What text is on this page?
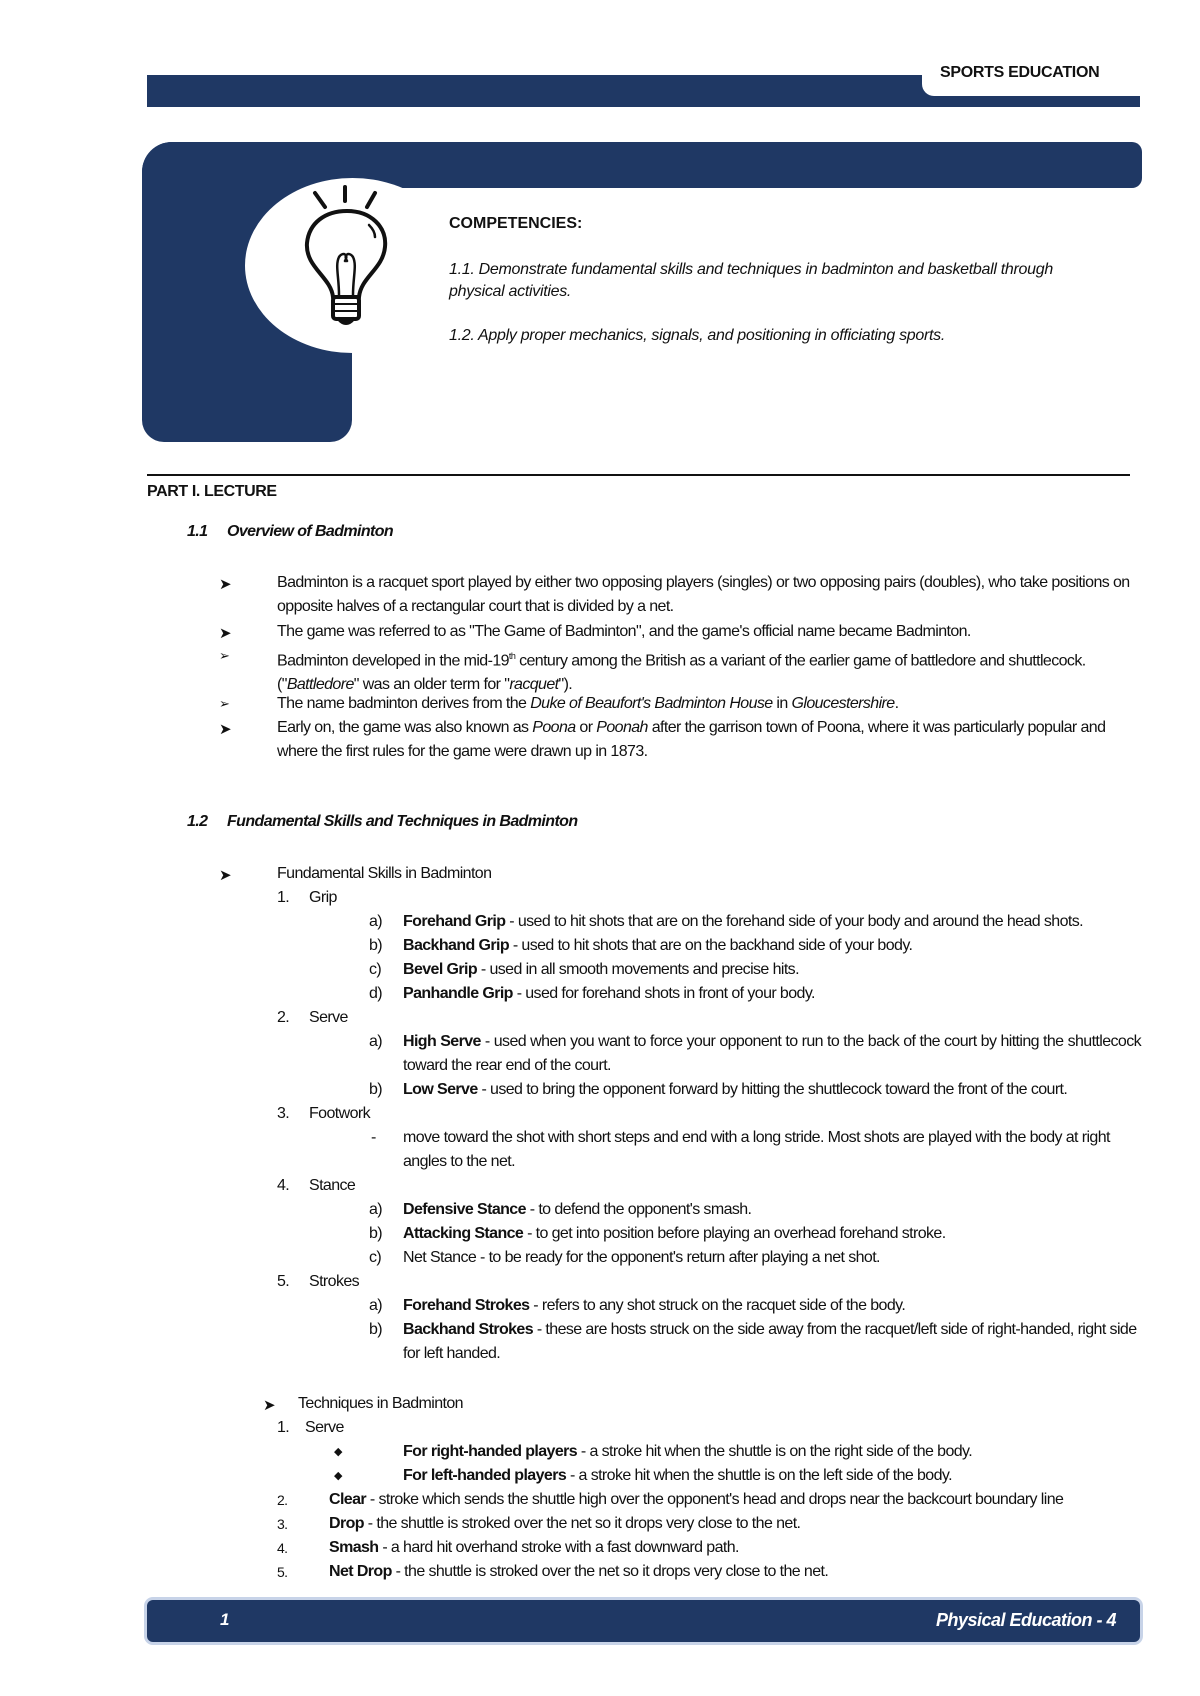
SPORTS EDUCATION
COMPETENCIES:
1.1. Demonstrate fundamental skills and techniques in badminton and basketball through physical activities.
1.2. Apply proper mechanics, signals, and positioning in officiating sports.
PART I. LECTURE
1.1 Overview of Badminton
➤	Badminton is a racquet sport played by either two opposing players (singles) or two opposing pairs (doubles), who take positions on opposite halves of a rectangular court that is divided by a net.
➤	The game was referred to as "The Game of Badminton", and the game's official name became Badminton.
➢	Badminton developed in the mid-19th century among the British as a variant of the earlier game of battledore and shuttlecock.
("Battledore" was an older term for "racquet").
➢	The name badminton derives from the Duke of Beaufort's Badminton House in Gloucestershire.
➤	Early on, the game was also known as Poona or Poonah after the garrison town of Poona, where it was particularly popular and where the first rules for the game were drawn up in 1873.
1.2 Fundamental Skills and Techniques in Badminton
➤	Fundamental Skills in Badminton
1. Grip
a) Forehand Grip - used to hit shots that are on the forehand side of your body and around the head shots.
b) Backhand Grip - used to hit shots that are on the backhand side of your body.
c) Bevel Grip - used in all smooth movements and precise hits.
d) Panhandle Grip - used for forehand shots in front of your body.
2. Serve
a) High Serve - used when you want to force your opponent to run to the back of the court by hitting the shuttlecock toward the rear end of the court.
b) Low Serve - used to bring the opponent forward by hitting the shuttlecock toward the front of the court.
3. Footwork
- move toward the shot with short steps and end with a long stride. Most shots are played with the body at right angles to the net.
4. Stance
a) Defensive Stance - to defend the opponent's smash.
b) Attacking Stance - to get into position before playing an overhead forehand stroke.
c) Net Stance - to be ready for the opponent's return after playing a net shot.
5. Strokes
a) Forehand Strokes - refers to any shot struck on the racquet side of the body.
b) Backhand Strokes - these are hosts struck on the side away from the racquet/left side of right-handed, right side for left handed.
➤ Techniques in Badminton
1. Serve
◆	For right-handed players - a stroke hit when the shuttle is on the right side of the body.
◆	For left-handed players - a stroke hit when the shuttle is on the left side of the body.
2.	Clear - stroke which sends the shuttle high over the opponent's head and drops near the backcourt boundary line
3.	Drop - the shuttle is stroked over the net so it drops very close to the net.
4.	Smash - a hard hit overhand stroke with a fast downward path.
5.	Net Drop - the shuttle is stroked over the net so it drops very close to the net.
1	Physical Education - 4
